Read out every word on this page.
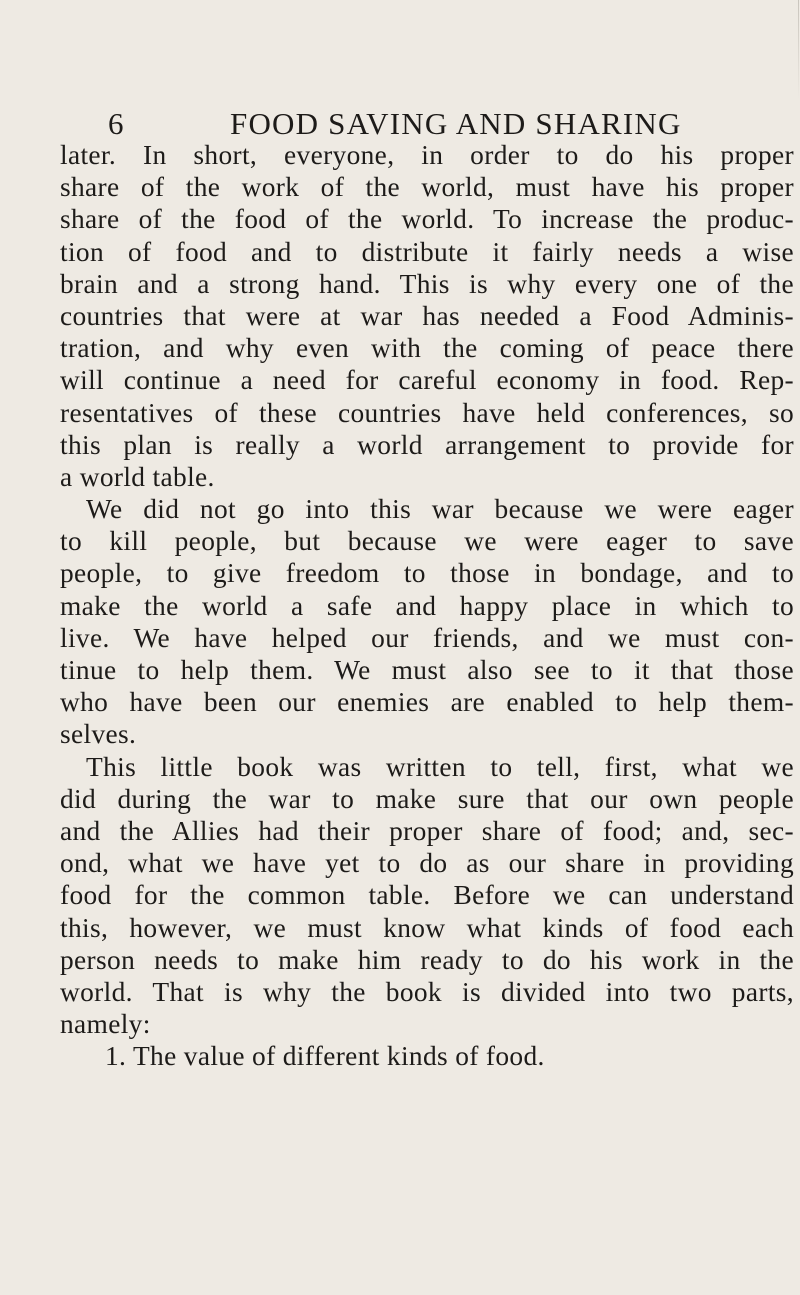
6	FOOD SAVING AND SHARING
later. In short, everyone, in order to do his proper
share of the work of the world, must have his proper
share of the food of the world. To increase the produc-
tion of food and to distribute it fairly needs a wise
brain and a strong hand. This is why every one of the
countries that were at war has needed a Food Adminis-
tration, and why even with the coming of peace there
will continue a need for careful economy in food. Rep-
resentatives of these countries have held conferences, so
this plan is really a world arrangement to provide for
a world table.
We did not go into this war because we were eager
to kill people, but because we were eager to save
people, to give freedom to those in bondage, and to
make the world a safe and happy place in which to
live. We have helped our friends, and we must con-
tinue to help them. We must also see to it that those
who have been our enemies are enabled to help them-
selves.
This little book was written to tell, first, what we
did during the war to make sure that our own people
and the Allies had their proper share of food; and, sec-
ond, what we have yet to do as our share in providing
food for the common table. Before we can understand
this, however, we must know what kinds of food each
person needs to make him ready to do his work in the
world. That is why the book is divided into two parts,
namely:
1. The value of different kinds of food.
